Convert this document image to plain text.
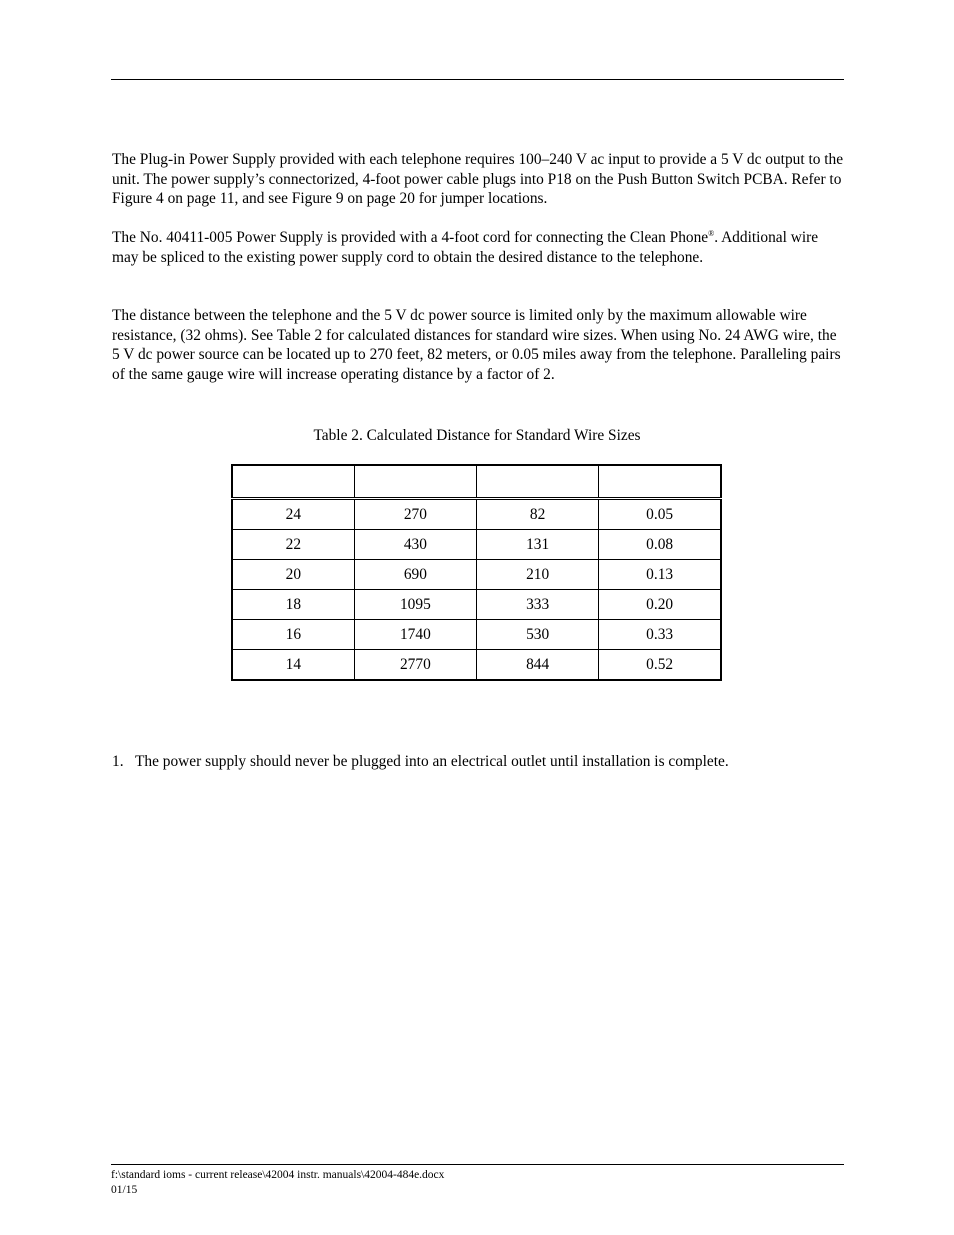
The Plug-in Power Supply provided with each telephone requires 100–240 V ac input to provide a 5 V dc output to the unit. The power supply’s connectorized, 4-foot power cable plugs into P18 on the Push Button Switch PCBA. Refer to Figure 4 on page 11, and see Figure 9 on page 20 for jumper locations.

The No. 40411-005 Power Supply is provided with a 4-foot cord for connecting the Clean Phone®. Additional wire may be spliced to the existing power supply cord to obtain the desired distance to the telephone.

The distance between the telephone and the 5 V dc power source is limited only by the maximum allowable wire resistance, (32 ohms). See Table 2 for calculated distances for standard wire sizes. When using No. 24 AWG wire, the 5 V dc power source can be located up to 270 feet, 82 meters, or 0.05 miles away from the telephone. Paralleling pairs of the same gauge wire will increase operating distance by a factor of 2.

Table 2. Calculated Distance for Standard Wire Sizes

24	270	82	0.05
22	430	131	0.08
20	690	210	0.13
18	1095	333	0.20
16	1740	530	0.33
14	2770	844	0.52

1. The power supply should never be plugged into an electrical outlet until installation is complete.

f:\standard ioms - current release\42004 instr. manuals\42004-484e.docx
01/15
